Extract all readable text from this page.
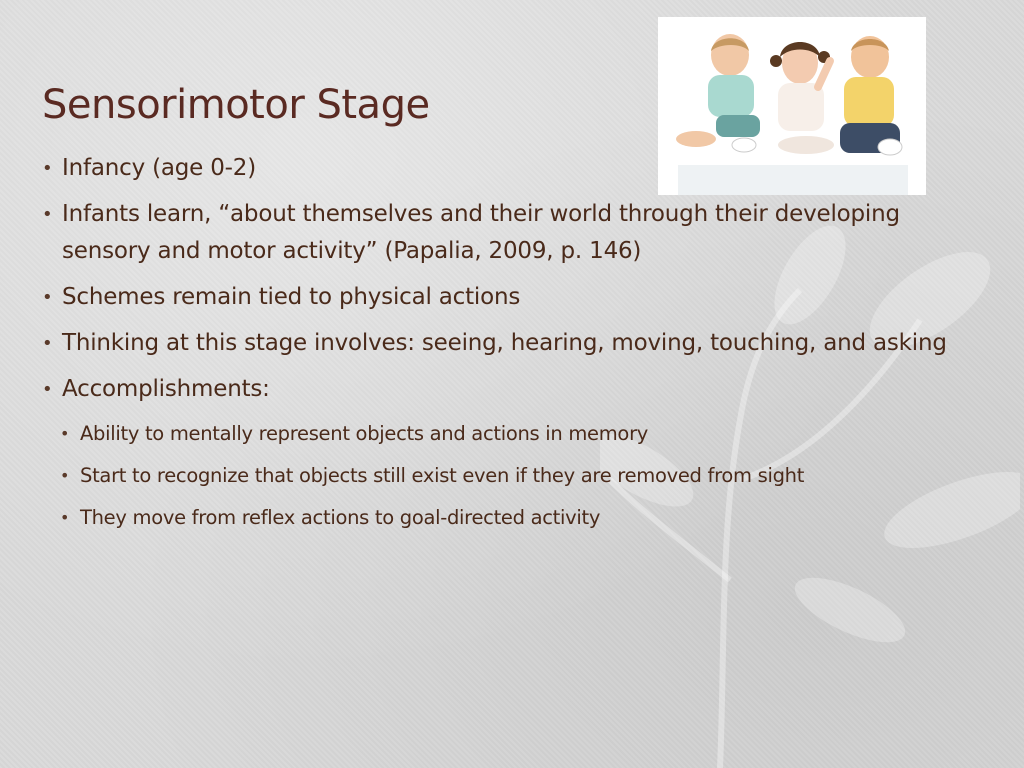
Sensorimotor Stage
• Infancy (age 0-2)
• Infants learn, “about themselves and their world through their developing sensory and motor activity” (Papalia, 2009, p. 146)
• Schemes remain tied to physical actions
• Thinking at this stage involves: seeing, hearing, moving, touching, and asking
• Accomplishments:
• Ability to mentally represent objects and actions in memory
• Start to recognize that objects still exist even if they are removed from sight
• They move from reflex actions to goal-directed activity
